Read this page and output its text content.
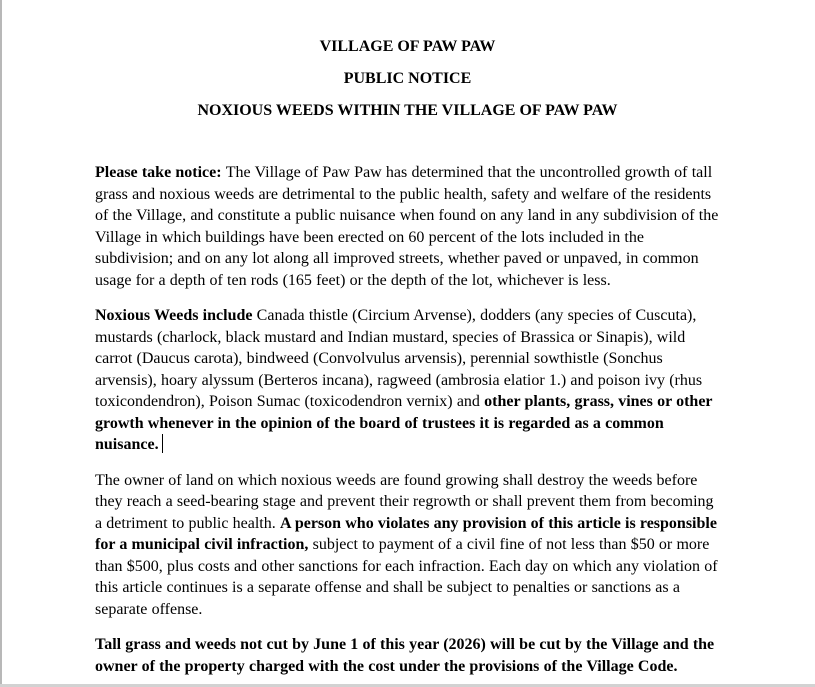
VILLAGE OF PAW PAW
PUBLIC NOTICE
NOXIOUS WEEDS WITHIN THE VILLAGE OF PAW PAW

Please take notice: The Village of Paw Paw has determined that the uncontrolled growth of tall grass and noxious weeds are detrimental to the public health, safety and welfare of the residents of the Village, and constitute a public nuisance when found on any land in any subdivision of the Village in which buildings have been erected on 60 percent of the lots included in the subdivision; and on any lot along all improved streets, whether paved or unpaved, in common usage for a depth of ten rods (165 feet) or the depth of the lot, whichever is less.

Noxious Weeds include Canada thistle (Circium Arvense), dodders (any species of Cuscuta), mustards (charlock, black mustard and Indian mustard, species of Brassica or Sinapis), wild carrot (Daucus carota), bindweed (Convolvulus arvensis), perennial sowthistle (Sonchus arvensis), hoary alyssum (Berteros incana), ragweed (ambrosia elatior 1.) and poison ivy (rhus toxicondendron), Poison Sumac (toxicodendron vernix) and other plants, grass, vines or other growth whenever in the opinion of the board of trustees it is regarded as a common nuisance.

The owner of land on which noxious weeds are found growing shall destroy the weeds before they reach a seed-bearing stage and prevent their regrowth or shall prevent them from becoming a detriment to public health. A person who violates any provision of this article is responsible for a municipal civil infraction, subject to payment of a civil fine of not less than $50 or more than $500, plus costs and other sanctions for each infraction. Each day on which any violation of this article continues is a separate offense and shall be subject to penalties or sanctions as a separate offense.

Tall grass and weeds not cut by June 1 of this year (2026) will be cut by the Village and the owner of the property charged with the cost under the provisions of the Village Code.
